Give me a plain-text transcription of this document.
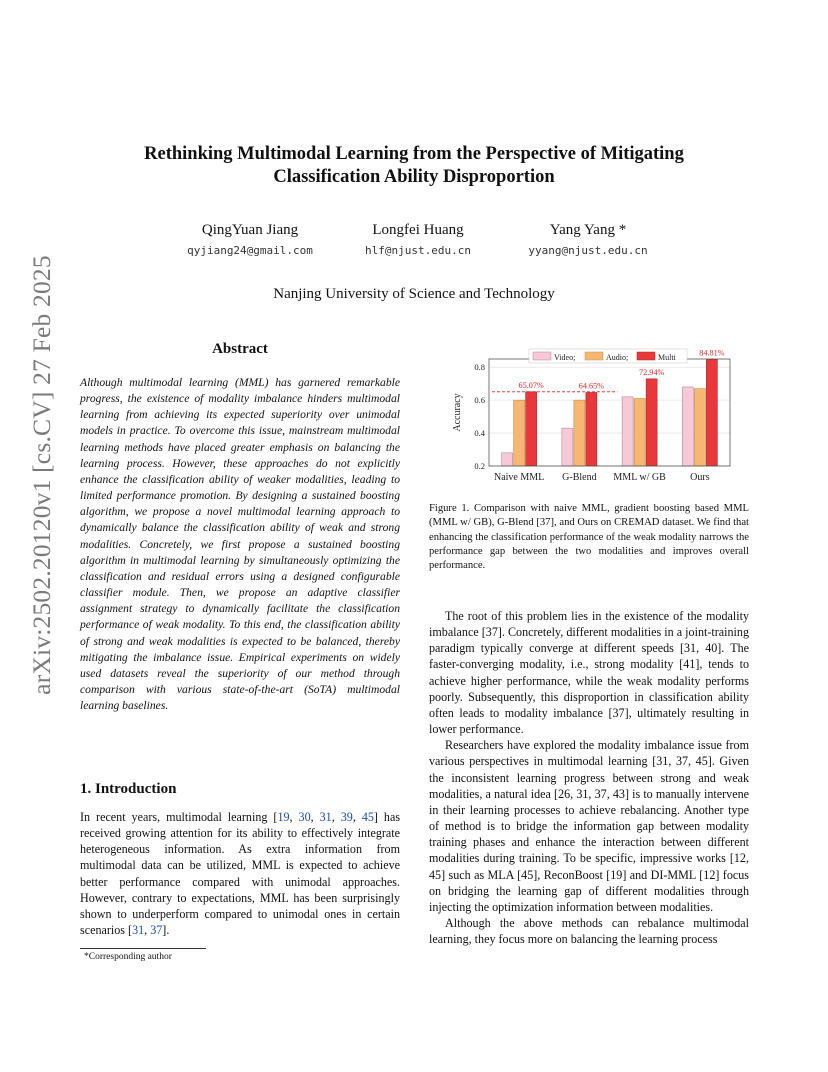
arXiv:2502.20120v1 [cs.CV] 27 Feb 2025
Rethinking Multimodal Learning from the Perspective of Mitigating
Classification Ability Disproportion
QingYuan Jiang
qyjiang24@gmail.com
Longfei Huang
hlf@njust.edu.cn
Yang Yang *
yyang@njust.edu.cn
Nanjing University of Science and Technology
Abstract
Although multimodal learning (MML) has garnered remarkable progress, the existence of modality imbalance hinders multimodal learning from achieving its expected superiority over unimodal models in practice. To overcome this issue, mainstream multimodal learning methods have placed greater emphasis on balancing the learning process. However, these approaches do not explicitly enhance the classification ability of weaker modalities, leading to limited performance promotion. By designing a sustained boosting algorithm, we propose a novel multimodal learning approach to dynamically balance the classification ability of weak and strong modalities. Concretely, we first propose a sustained boosting algorithm in multimodal learning by simultaneously optimizing the classification and residual errors using a designed configurable classifier module. Then, we propose an adaptive classifier assignment strategy to dynamically facilitate the classification performance of weak modality. To this end, the classification ability of strong and weak modalities is expected to be balanced, thereby mitigating the imbalance issue. Empirical experiments on widely used datasets reveal the superiority of our method through comparison with various state-of-the-art (SoTA) multimodal learning baselines.
1. Introduction

In recent years, multimodal learning [19, 30, 31, 39, 45] has received growing attention for its ability to effectively integrate heterogeneous information. As extra information from multimodal data can be utilized, MML is expected to achieve better performance compared with unimodal approaches. However, contrary to expectations, MML has been surprisingly shown to underperform compared to unimodal ones in certain scenarios [31, 37].

*Corresponding author
65.07%	64.65%
72.94%
84.81%
0.2
0.4
0.6
0.8
Accuracy
Naive MML G-Blend MML w/ GB Ours
Video;	Audio;	Multi
Figure 1. Comparison with naive MML, gradient boosting based MML (MML w/ GB), G-Blend [37], and Ours on CREMAD dataset. We find that enhancing the classification performance of the weak modality narrows the performance gap between the two modalities and improves overall performance.

The root of this problem lies in the existence of the modality imbalance [37]. Concretely, different modalities in a joint-training paradigm typically converge at different speeds [31, 40]. The faster-converging modality, i.e., strong modality [41], tends to achieve higher performance, while the weak modality performs poorly. Subsequently, this disproportion in classification ability often leads to modality imbalance [37], ultimately resulting in lower performance.

Researchers have explored the modality imbalance issue from various perspectives in multimodal learning [31, 37, 45]. Given the inconsistent learning progress between strong and weak modalities, a natural idea [26, 31, 37, 43] is to manually intervene in their learning processes to achieve rebalancing. Another type of method is to bridge the information gap between modality training phases and enhance the interaction between different modalities during training. To be specific, impressive works [12, 45] such as MLA [45], ReconBoost [19] and DI-MML [12] focus on bridging the learning gap of different modalities through injecting the optimization information between modalities.

Although the above methods can rebalance multimodal learning, they focus more on balancing the learning process
